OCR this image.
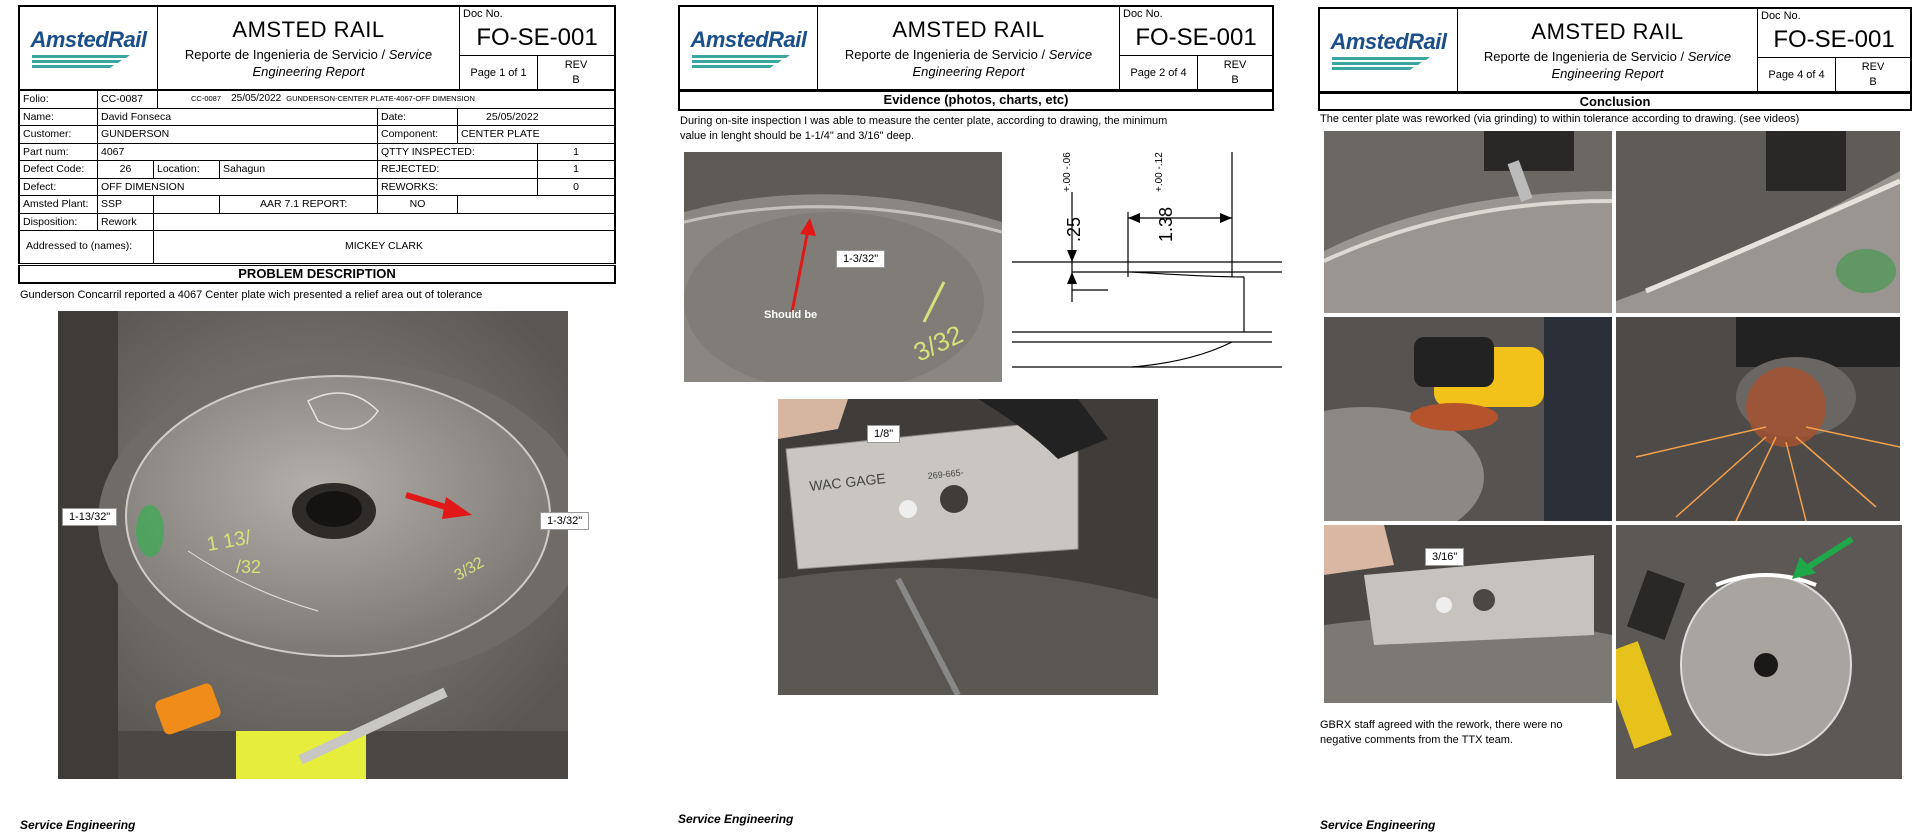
AmstedRail	AMSTED RAIL
Reporte de Ingenieria de Servicio / Service
Engineering Report
Doc No.
FO-SE-001
Page 1 of 1
REV
B
Folio:	CC-0087	CC-0087 25/05/2022 GUNDERSON-CENTER PLATE-4067-OFF DIMENSION
Name:	David Fonseca	Date:	25/05/2022
Customer:	GUNDERSON	Component:	CENTER PLATE
Part num:	4067	QTTY INSPECTED:	1
Defect Code:	26	Location:	Sahagun	REJECTED:	1
Defect:	OFF DIMENSION	REWORKS:	0
Amsted Plant:	SSP	AAR 7.1 REPORT:	NO
Disposition:	Rework
Addressed to (names):	MICKEY CLARK
PROBLEM DESCRIPTION
Gunderson Concarril reported a 4067 Center plate wich presented a relief area out of tolerance
1 13/
/32	3/32
1-13/32"	1-3/32"
Service Engineering
AmstedRail	AMSTED RAIL
Reporte de Ingenieria de Servicio / Service
Engineering Report
Doc No.
FO-SE-001
Page 2 of 4
REV
B
Evidence (photos, charts, etc)
During on-site inspection I was able to measure the center plate, according to drawing, the minimum
value in lenght should be 1-1/4" and 3/16" deep.
3/32
Should be
1-3/32"
.25
+.00 -.06
1.38
+.00 -.12
WAC GAGE	269-665-
1/8"
Service Engineering
AmstedRail	AMSTED RAIL
Reporte de Ingenieria de Servicio / Service
Engineering Report
Doc No.
FO-SE-001
Page 4 of 4
REV
B
Conclusion
The center plate was reworked (via grinding) to within tolerance according to drawing. (see videos)
3/16"
GBRX staff agreed with the rework, there were no
negative comments from the TTX team.
Service Engineering
